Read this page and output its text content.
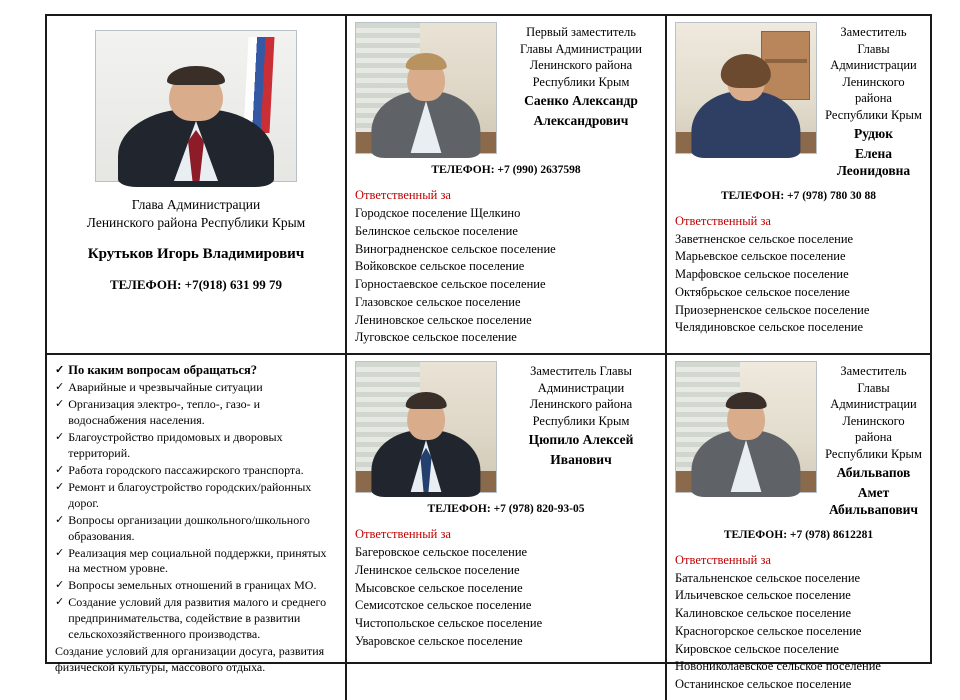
Глава Администрации
Ленинского района Республики Крым
Крутьков Игорь Владимирович
ТЕЛЕФОН: +7(918) 631 99 79
Первый заместитель
Главы Администрации
Ленинского района
Республики Крым
Саенко Александр
Александрович
ТЕЛЕФОН: +7 (990) 2637598
Ответственный за
Городское поселение Щелкино
Белинское сельское поселение
Виноградненское сельское поселение
Войковское сельское поселение
Горностаевское сельское поселение
Глазовское сельское поселение
Лениновское сельское поселение
Луговское сельское поселение
Заместитель Главы
Администрации
Ленинского района
Республики Крым
Рудюк
Елена Леонидовна
ТЕЛЕФОН: +7 (978) 780 30 88
Ответственный за
Заветненское сельское поселение
Марьевское сельское поселение
Марфовское сельское поселение
Октябрьское сельское поселение
Приозерненское сельское поселение
Челядиновское сельское поселение
✓ По каким вопросам обращаться?
✓ Аварийные и чрезвычайные ситуации
✓ Организация электро-, тепло-, газо- и водоснабжения населения.
✓ Благоустройство придомовых и дворовых территорий.
✓ Работа городского пассажирского транспорта.
✓ Ремонт и благоустройство городских/районных дорог.
✓ Вопросы организации дошкольного/школьного образования.
✓ Реализация мер социальной поддержки, принятых на местном уровне.
✓ Вопросы земельных отношений в границах МО.
✓ Создание условий для развития малого и среднего предпринимательства, содействие в развитии сельскохозяйственного производства.
Создание условий для организации досуга, развития физической культуры, массового отдыха.
Заместитель Главы
Администрации
Ленинского района
Республики Крым
Цюпило Алексей
Иванович
ТЕЛЕФОН: +7 (978) 820-93-05
Ответственный за
Багеровское сельское поселение
Ленинское сельское поселение
Мысовское сельское поселение
Семисотское сельское поселение
Чистопольское сельское поселение
Уваровское сельское поселение
Заместитель Главы
Администрации
Ленинского района
Республики Крым
Абильвапов
Амет Абильвапович
ТЕЛЕФОН: +7 (978) 8612281
Ответственный за
Батальненское сельское поселение
Ильичевское сельское поселение
Калиновское сельское поселение
Красногорское сельское поселение
Кировское сельское поселение
Новониколаевское сельское поселение
Останинское сельское поселение
